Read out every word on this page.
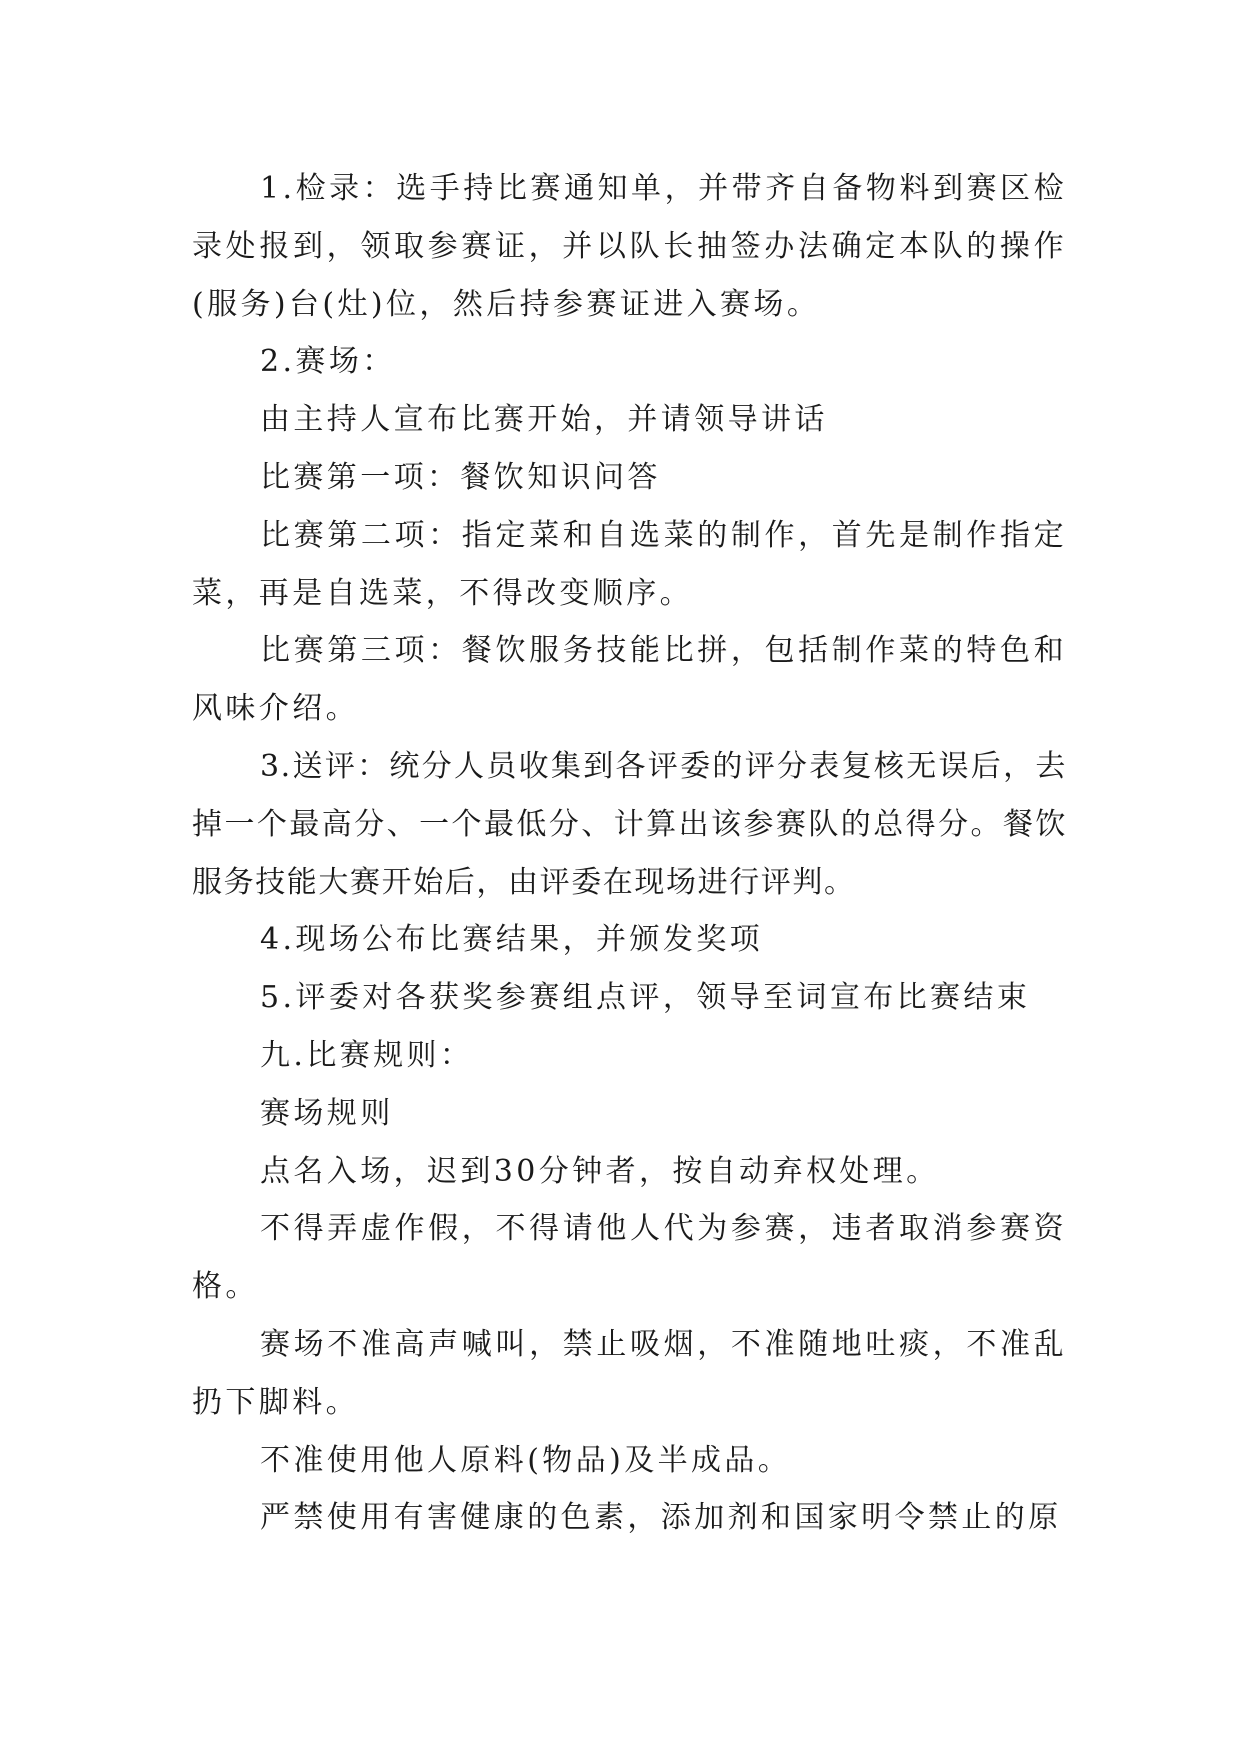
1.检录：选手持比赛通知单，并带齐自备物料到赛区检录处报到，领取参赛证，并以队长抽签办法确定本队的操作(服务)台(灶)位，然后持参赛证进入赛场。

2.赛场：

由主持人宣布比赛开始，并请领导讲话

比赛第一项：餐饮知识问答

比赛第二项：指定菜和自选菜的制作，首先是制作指定菜，再是自选菜，不得改变顺序。

比赛第三项：餐饮服务技能比拼，包括制作菜的特色和风味介绍。

3.送评：统分人员收集到各评委的评分表复核无误后，去掉一个最高分、一个最低分、计算出该参赛队的总得分。餐饮服务技能大赛开始后，由评委在现场进行评判。

4.现场公布比赛结果，并颁发奖项

5.评委对各获奖参赛组点评，领导至词宣布比赛结束

九.比赛规则：

赛场规则

点名入场，迟到30分钟者，按自动弃权处理。

不得弄虚作假，不得请他人代为参赛，违者取消参赛资格。

赛场不准高声喊叫，禁止吸烟，不准随地吐痰，不准乱扔下脚料。

不准使用他人原料(物品)及半成品。

严禁使用有害健康的色素，添加剂和国家明令禁止的原
